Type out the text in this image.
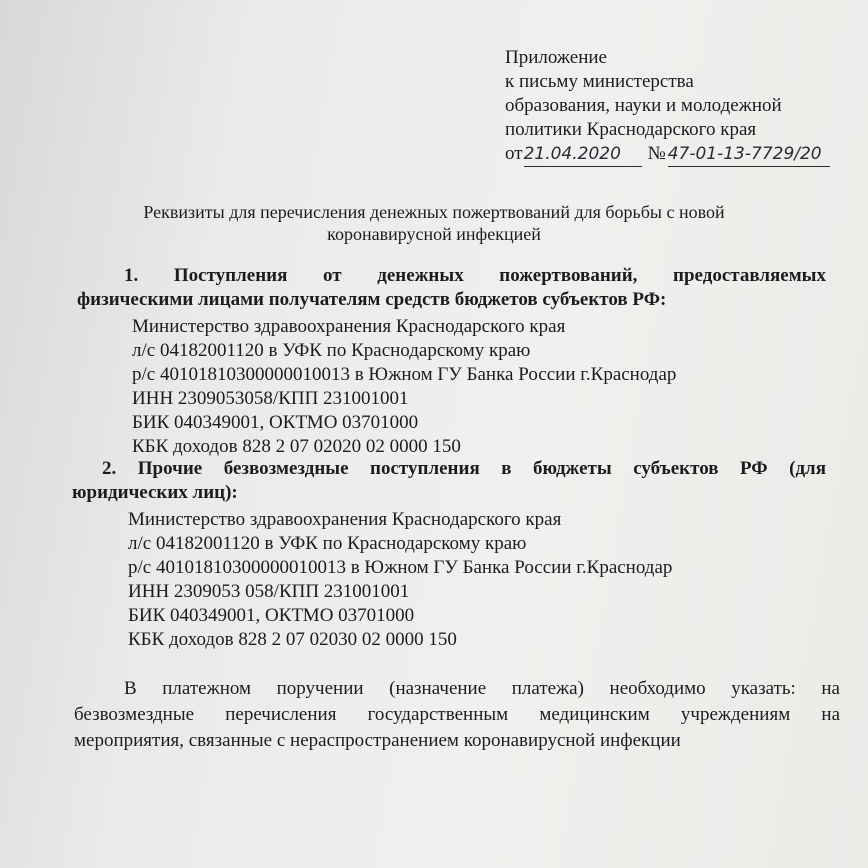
Приложение
к письму министерства
образования, науки и молодежной
политики Краснодарского края
от21.04.2020 № 47-01-13-7729/20
Реквизиты для перечисления денежных пожертвований для борьбы с новой
коронавирусной инфекцией
1. Поступления от денежных пожертвований, предоставляемых
физическими лицами получателям средств бюджетов субъектов РФ:
Министерство здравоохранения Краснодарского края
л/с 04182001120 в УФК по Краснодарскому краю
р/с 40101810300000010013 в Южном ГУ Банка России г.Краснодар
ИНН 2309053058/КПП 231001001
БИК 040349001, ОКТМО 03701000
КБК доходов 828 2 07 02020 02 0000 150
2. Прочие безвозмездные поступления в бюджеты субъектов РФ (для
юридических лиц):
Министерство здравоохранения Краснодарского края
л/с 04182001120 в УФК по Краснодарскому краю
р/с 40101810300000010013 в Южном ГУ Банка России г.Краснодар
ИНН 2309053 058/КПП 231001001
БИК 040349001, ОКТМО 03701000
КБК доходов 828 2 07 02030 02 0000 150
В платежном поручении (назначение платежа) необходимо указать: на
безвозмездные перечисления государственным медицинским учреждениям на
мероприятия, связанные с нераспространением коронавирусной инфекции
